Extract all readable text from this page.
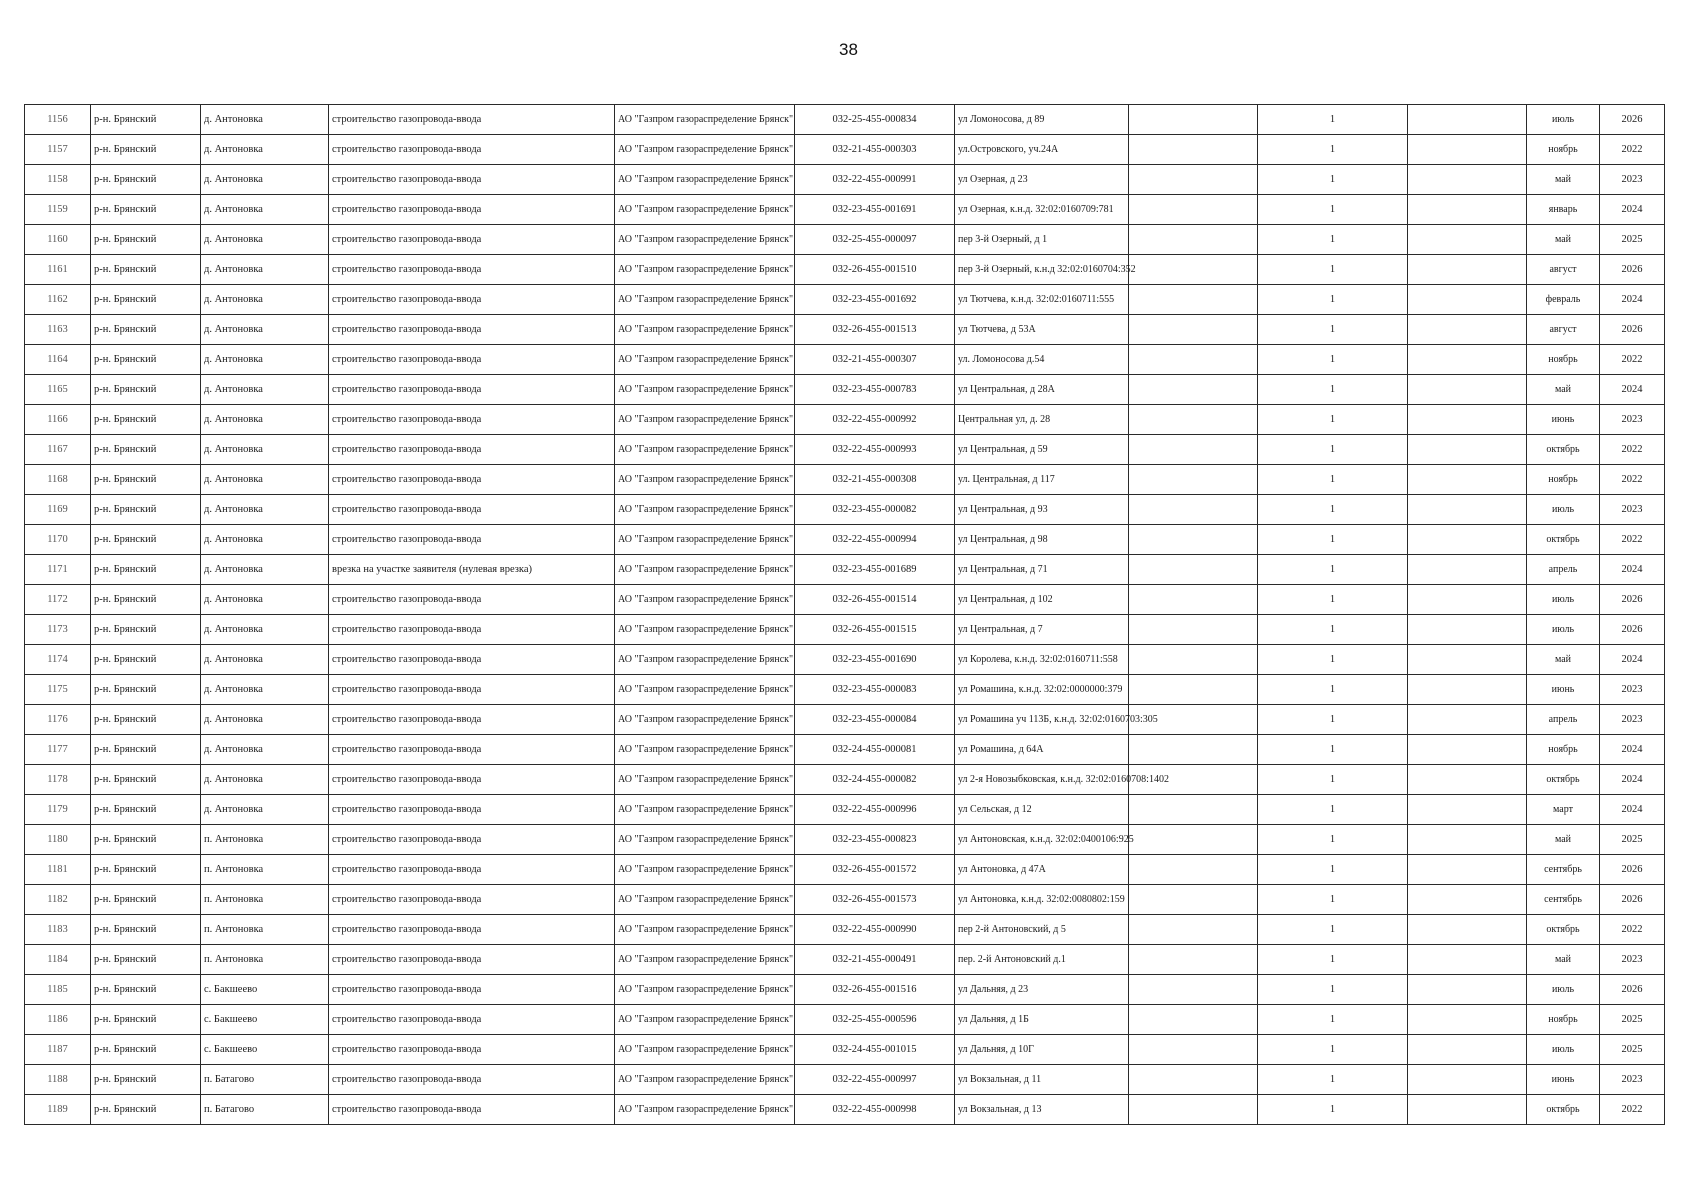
38
1156	р-н. Брянский	д. Антоновка	строительство газопровода-ввода	АО "Газпром газораспределение Брянск"	032-25-455-000834	ул Ломоносова, д 89		1		июль	2026
1157	р-н. Брянский	д. Антоновка	строительство газопровода-ввода	АО "Газпром газораспределение Брянск"	032-21-455-000303	ул.Островского, уч.24А		1		ноябрь	2022
1158	р-н. Брянский	д. Антоновка	строительство газопровода-ввода	АО "Газпром газораспределение Брянск"	032-22-455-000991	ул Озерная, д 23		1		май	2023
1159	р-н. Брянский	д. Антоновка	строительство газопровода-ввода	АО "Газпром газораспределение Брянск"	032-23-455-001691	ул Озерная, к.н.д. 32:02:0160709:781		1		январь	2024
1160	р-н. Брянский	д. Антоновка	строительство газопровода-ввода	АО "Газпром газораспределение Брянск"	032-25-455-000097	пер 3-й Озерный, д 1		1		май	2025
1161	р-н. Брянский	д. Антоновка	строительство газопровода-ввода	АО "Газпром газораспределение Брянск"	032-26-455-001510	пер 3-й Озерный, к.н.д 32:02:0160704:352		1		август	2026
1162	р-н. Брянский	д. Антоновка	строительство газопровода-ввода	АО "Газпром газораспределение Брянск"	032-23-455-001692	ул Тютчева, к.н.д. 32:02:0160711:555		1		февраль	2024
1163	р-н. Брянский	д. Антоновка	строительство газопровода-ввода	АО "Газпром газораспределение Брянск"	032-26-455-001513	ул Тютчева, д 53А		1		август	2026
1164	р-н. Брянский	д. Антоновка	строительство газопровода-ввода	АО "Газпром газораспределение Брянск"	032-21-455-000307	ул. Ломоносова д.54		1		ноябрь	2022
1165	р-н. Брянский	д. Антоновка	строительство газопровода-ввода	АО "Газпром газораспределение Брянск"	032-23-455-000783	ул Центральная, д 28А		1		май	2024
1166	р-н. Брянский	д. Антоновка	строительство газопровода-ввода	АО "Газпром газораспределение Брянск"	032-22-455-000992	Центральная ул, д. 28		1		июнь	2023
1167	р-н. Брянский	д. Антоновка	строительство газопровода-ввода	АО "Газпром газораспределение Брянск"	032-22-455-000993	ул Центральная, д 59		1		октябрь	2022
1168	р-н. Брянский	д. Антоновка	строительство газопровода-ввода	АО "Газпром газораспределение Брянск"	032-21-455-000308	ул. Центральная, д 117		1		ноябрь	2022
1169	р-н. Брянский	д. Антоновка	строительство газопровода-ввода	АО "Газпром газораспределение Брянск"	032-23-455-000082	ул Центральная, д 93		1		июль	2023
1170	р-н. Брянский	д. Антоновка	строительство газопровода-ввода	АО "Газпром газораспределение Брянск"	032-22-455-000994	ул Центральная, д 98		1		октябрь	2022
1171	р-н. Брянский	д. Антоновка	врезка на участке заявителя (нулевая врезка)	АО "Газпром газораспределение Брянск"	032-23-455-001689	ул Центральная, д 71		1		апрель	2024
1172	р-н. Брянский	д. Антоновка	строительство газопровода-ввода	АО "Газпром газораспределение Брянск"	032-26-455-001514	ул Центральная, д 102		1		июль	2026
1173	р-н. Брянский	д. Антоновка	строительство газопровода-ввода	АО "Газпром газораспределение Брянск"	032-26-455-001515	ул Центральная, д 7		1		июль	2026
1174	р-н. Брянский	д. Антоновка	строительство газопровода-ввода	АО "Газпром газораспределение Брянск"	032-23-455-001690	ул Королева, к.н.д. 32:02:0160711:558		1		май	2024
1175	р-н. Брянский	д. Антоновка	строительство газопровода-ввода	АО "Газпром газораспределение Брянск"	032-23-455-000083	ул Ромашина, к.н.д. 32:02:0000000:379		1		июнь	2023
1176	р-н. Брянский	д. Антоновка	строительство газопровода-ввода	АО "Газпром газораспределение Брянск"	032-23-455-000084	ул Ромашина уч 113Б, к.н.д. 32:02:0160703:305		1		апрель	2023
1177	р-н. Брянский	д. Антоновка	строительство газопровода-ввода	АО "Газпром газораспределение Брянск"	032-24-455-000081	ул Ромашина, д 64А		1		ноябрь	2024
1178	р-н. Брянский	д. Антоновка	строительство газопровода-ввода	АО "Газпром газораспределение Брянск"	032-24-455-000082	ул 2-я Новозыбковская, к.н.д. 32:02:0160708:1402		1		октябрь	2024
1179	р-н. Брянский	д. Антоновка	строительство газопровода-ввода	АО "Газпром газораспределение Брянск"	032-22-455-000996	ул Сельская, д 12		1		март	2024
1180	р-н. Брянский	п. Антоновка	строительство газопровода-ввода	АО "Газпром газораспределение Брянск"	032-23-455-000823	ул Антоновская, к.н.д. 32:02:0400106:925		1		май	2025
1181	р-н. Брянский	п. Антоновка	строительство газопровода-ввода	АО "Газпром газораспределение Брянск"	032-26-455-001572	ул Антоновка, д 47А		1		сентябрь	2026
1182	р-н. Брянский	п. Антоновка	строительство газопровода-ввода	АО "Газпром газораспределение Брянск"	032-26-455-001573	ул Антоновка, к.н.д. 32:02:0080802:159		1		сентябрь	2026
1183	р-н. Брянский	п. Антоновка	строительство газопровода-ввода	АО "Газпром газораспределение Брянск"	032-22-455-000990	пер 2-й Антоновский, д 5		1		октябрь	2022
1184	р-н. Брянский	п. Антоновка	строительство газопровода-ввода	АО "Газпром газораспределение Брянск"	032-21-455-000491	пер. 2-й Антоновский д.1		1		май	2023
1185	р-н. Брянский	с. Бакшеево	строительство газопровода-ввода	АО "Газпром газораспределение Брянск"	032-26-455-001516	ул Дальняя, д 23		1		июль	2026
1186	р-н. Брянский	с. Бакшеево	строительство газопровода-ввода	АО "Газпром газораспределение Брянск"	032-25-455-000596	ул Дальняя, д 1Б		1		ноябрь	2025
1187	р-н. Брянский	с. Бакшеево	строительство газопровода-ввода	АО "Газпром газораспределение Брянск"	032-24-455-001015	ул Дальняя, д 10Г		1		июль	2025
1188	р-н. Брянский	п. Батагово	строительство газопровода-ввода	АО "Газпром газораспределение Брянск"	032-22-455-000997	ул Вокзальная, д 11		1		июнь	2023
1189	р-н. Брянский	п. Батагово	строительство газопровода-ввода	АО "Газпром газораспределение Брянск"	032-22-455-000998	ул Вокзальная, д 13		1		октябрь	2022
